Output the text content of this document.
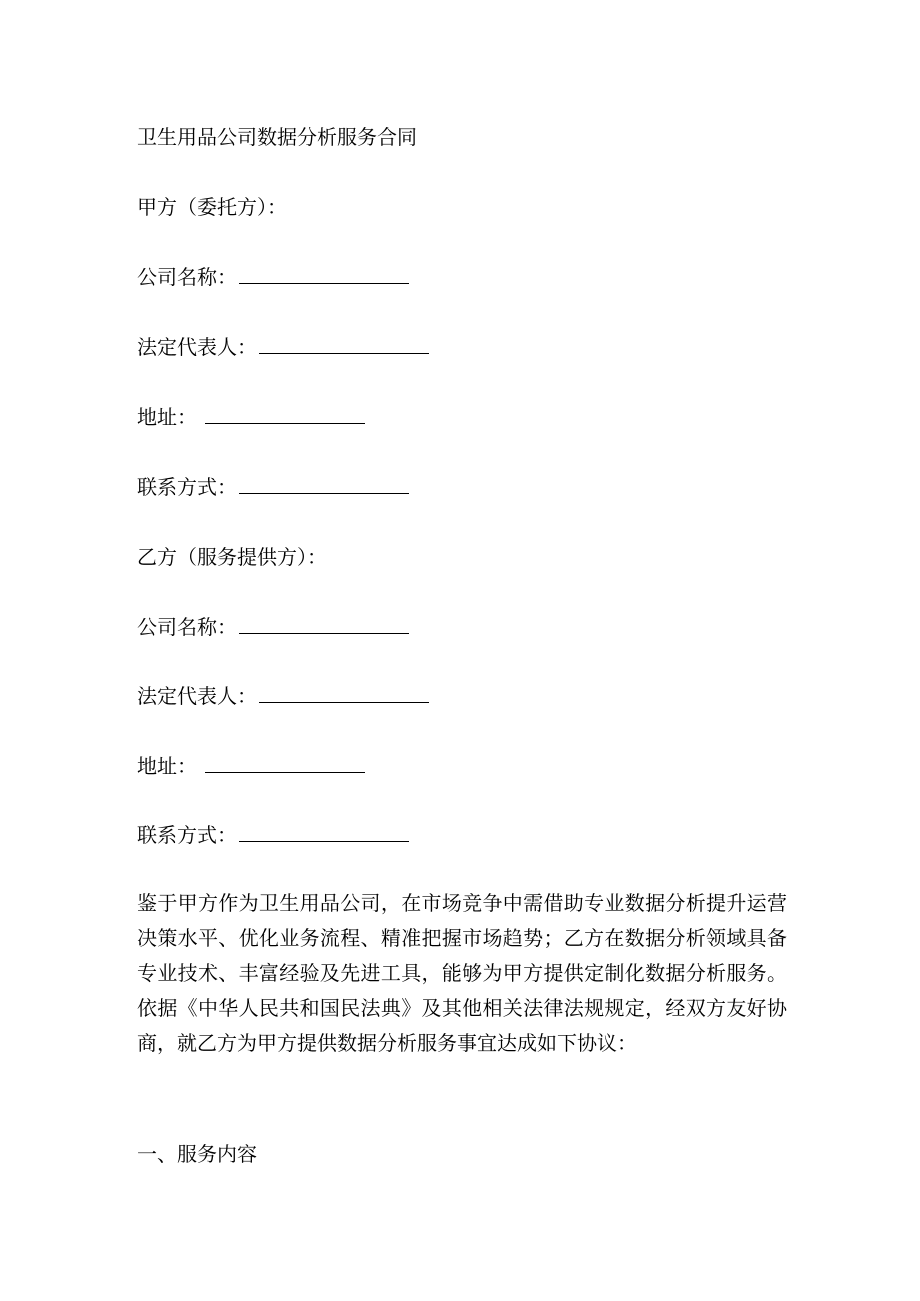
卫生用品公司数据分析服务合同
甲方（委托方）：
公司名称：
法定代表人：
地址：
联系方式：
乙方（服务提供方）：
公司名称：
法定代表人：
地址：
联系方式：
鉴于甲方作为卫生用品公司，在市场竞争中需借助专业数据分析提升运营决策水平、优化业务流程、精准把握市场趋势；乙方在数据分析领域具备专业技术、丰富经验及先进工具，能够为甲方提供定制化数据分析服务。依据《中华人民共和国民法典》及其他相关法律法规规定，经双方友好协商，就乙方为甲方提供数据分析服务事宜达成如下协议：
一、服务内容
